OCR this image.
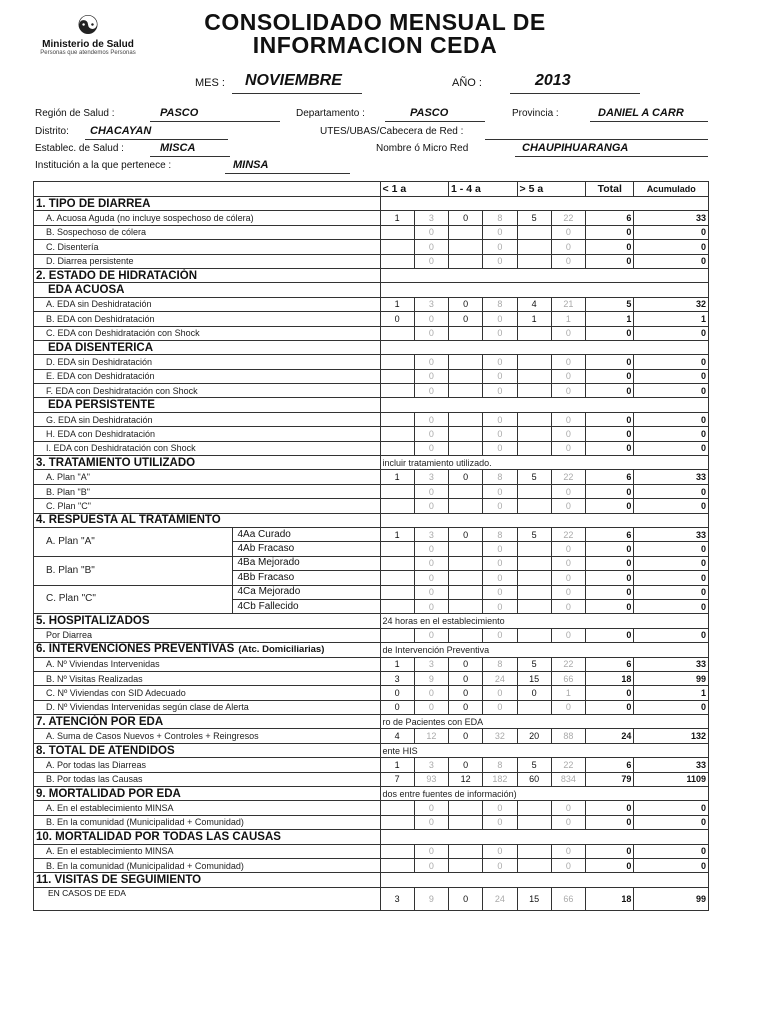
☯
Ministerio de Salud
Personas que atendemos Personas
CONSOLIDADO MENSUAL DE
INFORMACION CEDA
MES : NOVIEMBRE	AÑO :	2013
Región de Salud :	PASCO	Departamento :	PASCO	Provincia :	DANIEL A CARR
Distrito: CHACAYAN	UTES/UBAS/Cabecera de Red :
Establec. de Salud :	MISCA	Nombre ó Micro Red	CHAUPIHUARANGA
Institución a la que pertenece :	MINSA
		< 1 a		1 - 4 a		> 5 a		Total	Acumulado
1. TIPO DE DIARREA									
A. Acuosa Aguda (no incluye sospechoso de cólera)		1	3	0	8	5	22	6	33
B. Sospechoso de cólera			0		0		0	0	0
C. Disentería			0		0		0	0	0
D. Diarrea persistente			0		0		0	0	0
2. ESTADO DE HIDRATACIÓN									
EDA ACUOSA									
A. EDA sin Deshidratación		1	3	0	8	4	21	5	32
B. EDA con Deshidratación		0	0	0	0	1	1	1	1
C. EDA con Deshidratación con Shock			0		0		0	0	0
EDA DISENTERICA									
D. EDA sin Deshidratación			0		0		0	0	0
E. EDA con Deshidratación			0		0		0	0	0
F. EDA con Deshidratación con Shock			0		0		0	0	0
EDA PERSISTENTE									
G. EDA sin Deshidratación			0		0		0	0	0
H. EDA con Deshidratación			0		0		0	0	0
I. EDA con Deshidratación con Shock			0		0		0	0	0
3. TRATAMIENTO UTILIZADO		incluir tratamiento utilizado.							
A. Plan "A"		1	3	0	8	5	22	6	33
B. Plan "B"			0		0		0	0	0
C. Plan "C"			0		0		0	0	0
4. RESPUESTA AL TRATAMIENTO									
A. Plan "A"	4Aa Curado	1	3	0	8	5	22	6	33
	4Ab Fracaso		0		0		0	0	0
B. Plan "B"	4Ba Mejorado		0		0		0	0	0
	4Bb Fracaso		0		0		0	0	0
C. Plan "C"	4Ca Mejorado		0		0		0	0	0
	4Cb Fallecido		0		0		0	0	0
5. HOSPITALIZADOS		24 horas en el establecimiento							
Por Diarrea			0		0		0	0	0
6. INTERVENCIONES PREVENTIVAS (Atc. Domiciliarias)		de Intervención Preventiva							
A. Nº Viviendas Intervenidas		1	3	0	8	5	22	6	33
B. Nº Visitas Realizadas		3	9	0	24	15	66	18	99
C. Nº Viviendas con SID Adecuado		0	0	0	0	0	1	0	1
D. Nº Viviendas Intervenidas según clase de Alerta		0	0	0	0		0	0	0
7. ATENCIÓN POR EDA		ro de Pacientes con EDA							
A. Suma de Casos Nuevos + Controles + Reingresos		4	12	0	32	20	88	24	132
8. TOTAL DE ATENDIDOS		ente HIS							
A. Por todas las Diarreas		1	3	0	8	5	22	6	33
B. Por todas las Causas		7	93	12	182	60	834	79	1109
9. MORTALIDAD POR EDA		dos entre fuentes de información)							
A. En el establecimiento MINSA			0		0		0	0	0
B. En la comunidad (Municipalidad + Comunidad)			0		0		0	0	0
10. MORTALIDAD POR TODAS LAS CAUSAS									
A. En el establecimiento MINSA			0		0		0	0	0
B. En la comunidad (Municipalidad + Comunidad)			0		0		0	0	0
11. VISITAS DE SEGUIMIENTO									
EN CASOS DE EDA		3	9	0	24	15	66	18	99
